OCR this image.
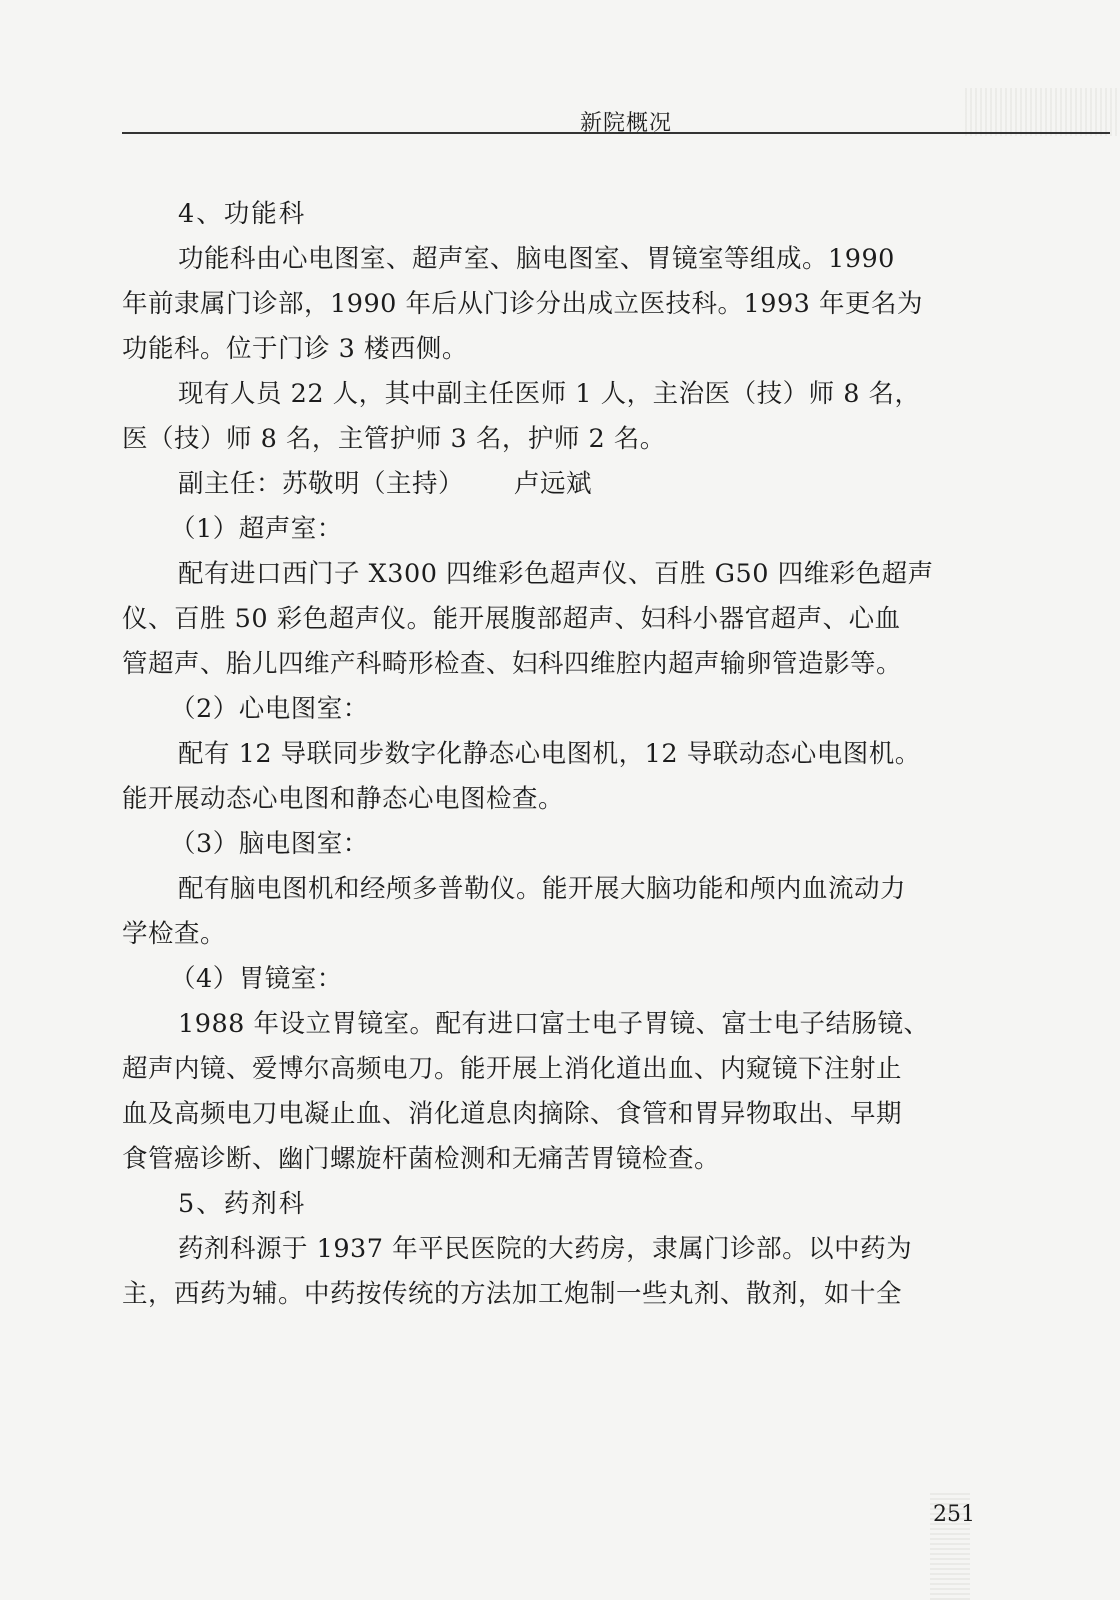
新院概况
4、功能科
功能科由心电图室、超声室、脑电图室、胃镜室等组成。1990
年前隶属门诊部，1990 年后从门诊分出成立医技科。1993 年更名为
功能科。位于门诊 3 楼西侧。
现有人员 22 人，其中副主任医师 1 人，主治医（技）师 8 名，
医（技）师 8 名，主管护师 3 名，护师 2 名。
副主任：苏敬明（主持） 卢远斌
（1）超声室：
配有进口西门子 X300 四维彩色超声仪、百胜 G50 四维彩色超声
仪、百胜 50 彩色超声仪。能开展腹部超声、妇科小器官超声、心血
管超声、胎儿四维产科畸形检查、妇科四维腔内超声输卵管造影等。
（2）心电图室：
配有 12 导联同步数字化静态心电图机，12 导联动态心电图机。
能开展动态心电图和静态心电图检查。
（3）脑电图室：
配有脑电图机和经颅多普勒仪。能开展大脑功能和颅内血流动力
学检查。
（4）胃镜室：
1988 年设立胃镜室。配有进口富士电子胃镜、富士电子结肠镜、
超声内镜、爱博尔高频电刀。能开展上消化道出血、内窥镜下注射止
血及高频电刀电凝止血、消化道息肉摘除、食管和胃异物取出、早期
食管癌诊断、幽门螺旋杆菌检测和无痛苦胃镜检查。
5、药剂科
药剂科源于 1937 年平民医院的大药房，隶属门诊部。以中药为
主，西药为辅。中药按传统的方法加工炮制一些丸剂、散剂，如十全
251
